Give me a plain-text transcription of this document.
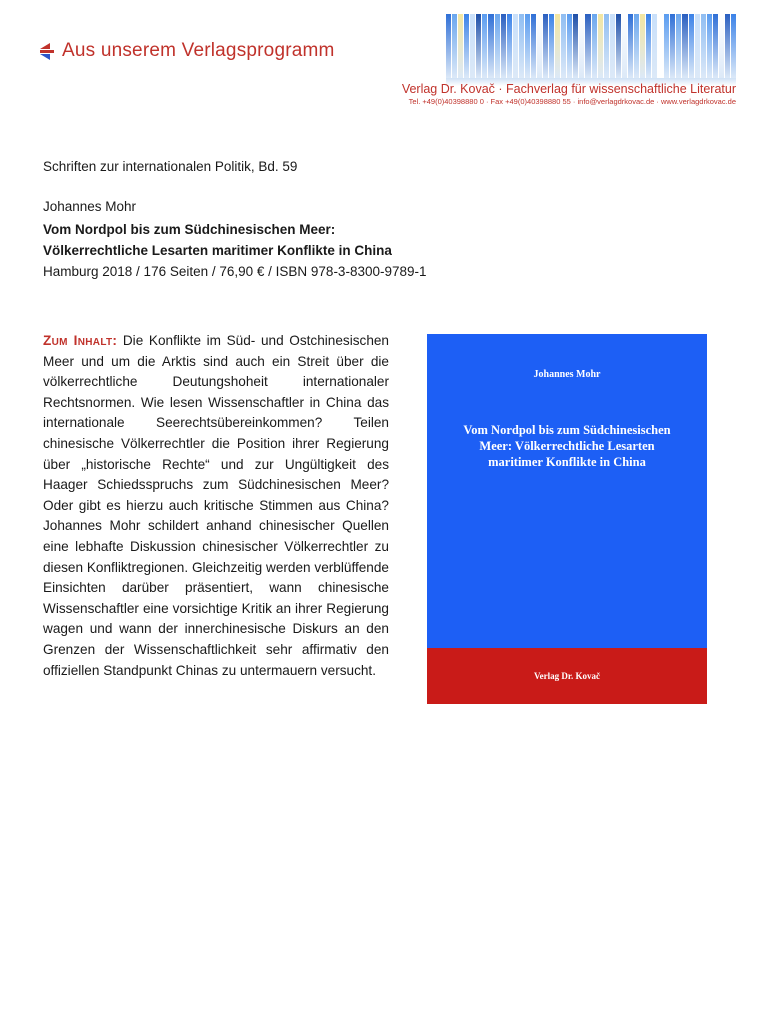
Aus unserem Verlagsprogramm
Verlag Dr. Kovač · Fachverlag für wissenschaftliche Literatur
Tel. +49(0)40398880 0 · Fax +49(0)40398880 55 · info@verlagdrkovac.de · www.verlagdrkovac.de
Schriften zur internationalen Politik, Bd. 59
Johannes Mohr
Vom Nordpol bis zum Südchinesischen Meer:
Völkerrechtliche Lesarten maritimer Konflikte in China
Hamburg 2018 / 176 Seiten / 76,90 € / ISBN 978-3-8300-9789-1
Zum Inhalt: Die Konflikte im Süd- und Ostchinesischen Meer und um die Arktis sind auch ein Streit über die völkerrechtliche Deutungshoheit internationaler Rechtsnormen. Wie lesen Wissenschaftler in China das internationale Seerechtsübereinkommen? Teilen chinesische Völkerrechtler die Position ihrer Regierung über „historische Rechte“ und zur Ungültigkeit des Haager Schiedsspruchs zum Südchinesischen Meer? Oder gibt es hierzu auch kritische Stimmen aus China? Johannes Mohr schildert anhand chinesischer Quellen eine lebhafte Diskussion chinesischer Völkerrechtler zu diesen Konfliktregionen. Gleichzeitig werden verblüffende Einsichten darüber präsentiert, wann chinesische Wissenschaftler eine vorsichtige Kritik an ihrer Regierung wagen und wann der innerchinesische Diskurs an den Grenzen der Wissenschaftlichkeit sehr affirmativ den offiziellen Standpunkt Chinas zu untermauern versucht.
Johannes Mohr
Vom Nordpol bis zum Südchinesischen Meer: Völkerrechtliche Lesarten maritimer Konflikte in China
Verlag Dr. Kovač
